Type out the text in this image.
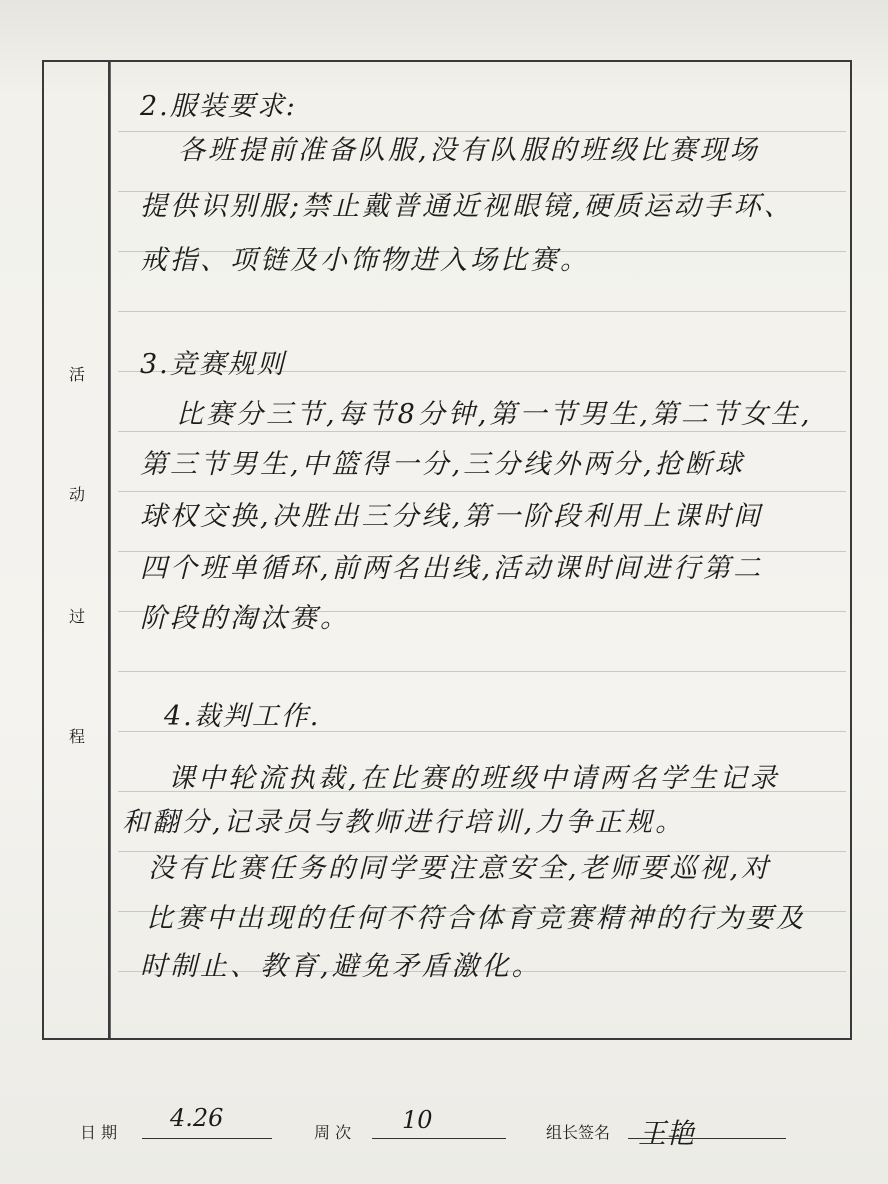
活
动
过
程
2.服装要求:
各班提前准备队服,没有队服的班级比赛现场
提供识别服;禁止戴普通近视眼镜,硬质运动手环、
戒指、项链及小饰物进入场比赛。
3.竞赛规则
比赛分三节,每节8分钟,第一节男生,第二节女生,
第三节男生,中篮得一分,三分线外两分,抢断球
球权交换,决胜出三分线,第一阶段利用上课时间
四个班单循环,前两名出线,活动课时间进行第二
阶段的淘汰赛。
4.裁判工作.
课中轮流执裁,在比赛的班级中请两名学生记录
和翻分,记录员与教师进行培训,力争正规。
没有比赛任务的同学要注意安全,老师要巡视,对
比赛中出现的任何不符合体育竞赛精神的行为要及
时制止、教育,避免矛盾激化。
日 期
4.26
周 次 10	组长签名 王艳
